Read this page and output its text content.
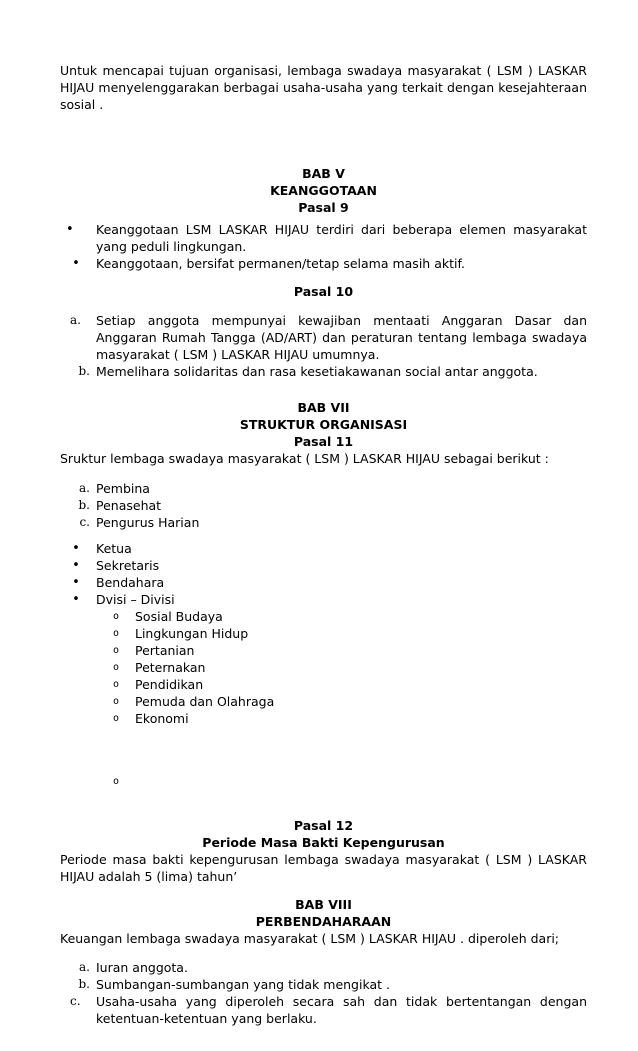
Untuk mencapai tujuan organisasi, lembaga swadaya masyarakat ( LSM ) LASKAR HIJAU menyelenggarakan berbagai usaha-usaha yang terkait dengan kesejahteraan sosial .

BAB V
KEANGGOTAAN
Pasal 9
•	Keanggotaan LSM LASKAR HIJAU terdiri dari beberapa elemen masyarakat yang peduli lingkungan.
•	Keanggotaan, bersifat permanen/tetap selama masih aktif.
Pasal 10
a.	Setiap anggota mempunyai kewajiban mentaati Anggaran Dasar dan Anggaran Rumah Tangga (AD/ART) dan peraturan tentang lembaga swadaya masyarakat ( LSM ) LASKAR HIJAU umumnya.
b. Memelihara solidaritas dan rasa kesetiakawanan social antar anggota.
BAB VII
STRUKTUR ORGANISASI
Pasal 11
Sruktur lembaga swadaya masyarakat ( LSM ) LASKAR HIJAU sebagai berikut :
a. Pembina
b. Penasehat
c. Pengurus Harian
•	Ketua
•	Sekretaris
•	Bendahara
•	Dvisi – Divisi
o Sosial Budaya
o Lingkungan Hidup
o Pertanian
o Peternakan
o Pendidikan
o Pemuda dan Olahraga
o Ekonomi
o
Pasal 12
Periode Masa Bakti Kepengurusan

Periode masa bakti kepengurusan lembaga swadaya masyarakat ( LSM ) LASKAR HIJAU adalah 5 (lima) tahun’

BAB VIII
PERBENDAHARAAN
Keuangan lembaga swadaya masyarakat ( LSM ) LASKAR HIJAU . diperoleh dari;
a. Iuran anggota.
b. Sumbangan-sumbangan yang tidak mengikat .
c.	Usaha-usaha yang diperoleh secara sah dan tidak bertentangan dengan ketentuan-ketentuan yang berlaku.
